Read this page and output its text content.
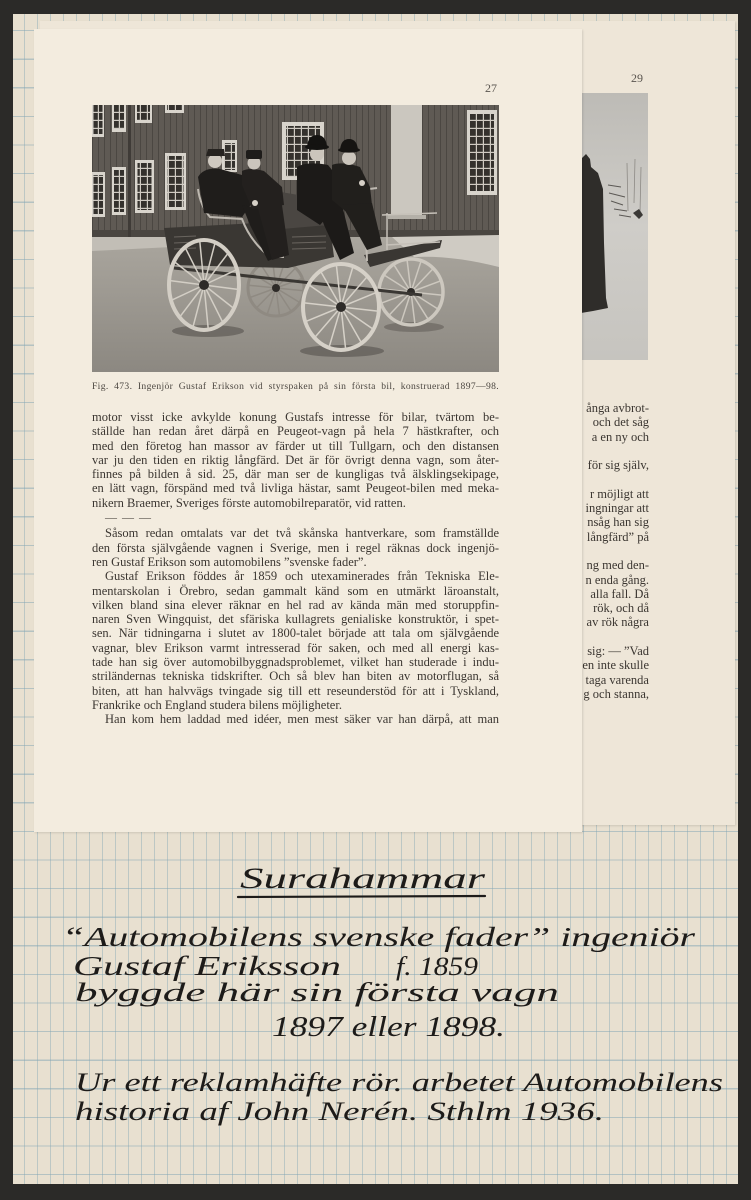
29
ånga avbrot-
och det såg
a en ny och
för sig själv,
r möjligt att
ingningar att
nsåg han sig
långfärd” på
ng med den-
n enda gång.
alla fall. Då
rök, och då
av rök några
sig: — ”Vad
en inte skulle
taga varenda
g och stanna,
27
Fig. 473. Ingenjör Gustaf Erikson vid styrspaken på sin första bil, konstruerad 1897—98.
motor visst icke avkylde konung Gustafs intresse för bilar, tvärtom be-
ställde han redan året därpå en Peugeot-vagn på hela 7 hästkrafter, och
med den företog han massor av färder ut till Tullgarn, och den distansen
var ju den tiden en riktig långfärd. Det är för övrigt denna vagn, som åter-
finnes på bilden å sid. 25, där man ser de kungligas två älsklingsekipage,
en lätt vagn, förspänd med två livliga hästar, samt Peugeot-bilen med meka-
nikern Braemer, Sveriges förste automobilreparatör, vid ratten.
— — —
Såsom redan omtalats var det två skånska hantverkare, som framställde
den första självgående vagnen i Sverige, men i regel räknas dock ingenjö-
ren Gustaf Erikson som automobilens ”svenske fader”.
Gustaf Erikson föddes år 1859 och utexaminerades från Tekniska Ele-
mentarskolan i Örebro, sedan gammalt känd som en utmärkt läroanstalt,
vilken bland sina elever räknar en hel rad av kända män med storuppfin-
naren Sven Wingquist, det sfäriska kullagrets genialiske konstruktör, i spet-
sen. När tidningarna i slutet av 1800-talet började att tala om självgående
vagnar, blev Erikson varmt intresserad för saken, och med all energi kas-
tade han sig över automobilbyggnadsproblemet, vilket han studerade i indu-
striländernas tekniska tidskrifter. Och så blev han biten av motorflugan, så
biten, att han halvvägs tvingade sig till ett reseunderstöd för att i Tyskland,
Frankrike och England studera bilens möjligheter.
Han kom hem laddad med idéer, men mest säker var han därpå, att man
Surahammar
“Automobilens svenske fader” ingeniör
Gustaf Eriksson f. 1859
byggde här sin första vagn
1897 eller 1898.
Ur ett reklamhäfte rör. arbetet Automobilens
historia af John Nerén. Sthlm 1936.
